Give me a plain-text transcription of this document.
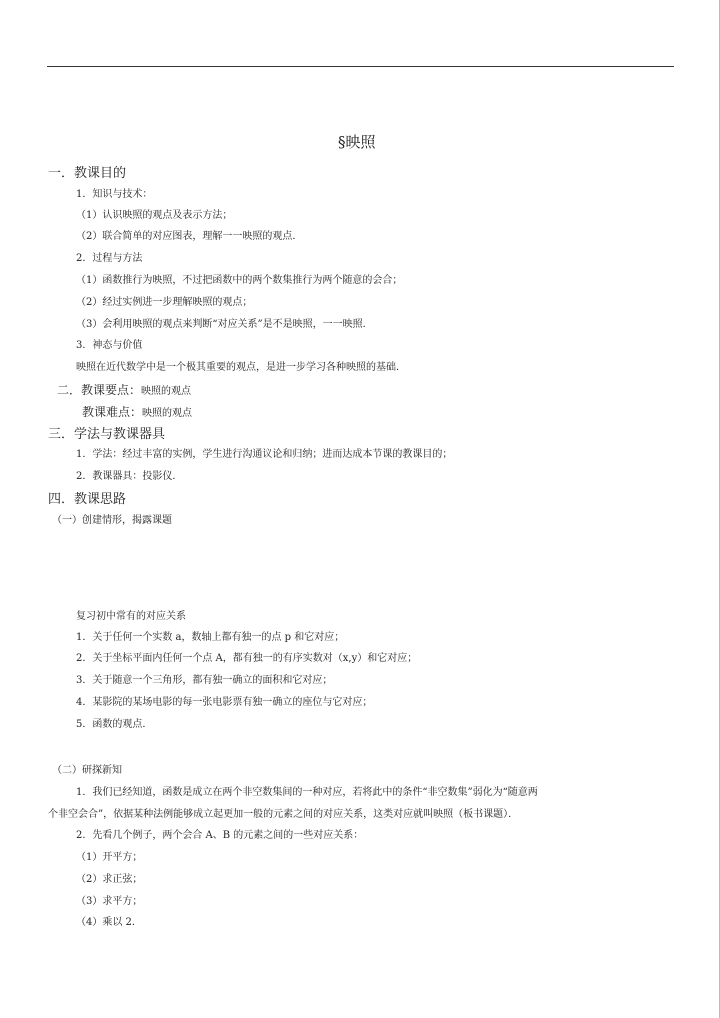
§映照
一．教课目的
1．知识与技术：
（1）认识映照的观点及表示方法；
（2）联合简单的对应图表，理解一一映照的观点．
2．过程与方法
（1）函数推行为映照，不过把函数中的两个数集推行为两个随意的会合；
（2）经过实例进一步理解映照的观点；
（3）会利用映照的观点来判断“对应关系”是不是映照，一一映照．
3．神态与价值
映照在近代数学中是一个极其重要的观点，是进一步学习各种映照的基础．
二．教课要点：映照的观点
教课难点：映照的观点
三．学法与教课器具
1．学法：经过丰富的实例，学生进行沟通议论和归纳；进而达成本节课的教课目的；
2．教课器具：投影仪．
四．教课思路
（一）创建情形，揭露课题
复习初中常有的对应关系
1．关于任何一个实数 a，数轴上都有独一的点 p 和它对应；
2．关于坐标平面内任何一个点 A，都有独一的有序实数对（x,y）和它对应；
3．关于随意一个三角形，都有独一确立的面积和它对应；
4．某影院的某场电影的每一张电影票有独一确立的座位与它对应；
5．函数的观点．
（二）研探新知
1．我们已经知道，函数是成立在两个非空数集间的一种对应，若将此中的条件“非空数集”弱化为“随意两
个非空会合”，依据某种法例能够成立起更加一般的元素之间的对应关系，这类对应就叫映照（板书课题）．
2．先看几个例子，两个会合 A、B 的元素之间的一些对应关系：
（1）开平方；
（2）求正弦；
（3）求平方；
（4）乘以 2．
